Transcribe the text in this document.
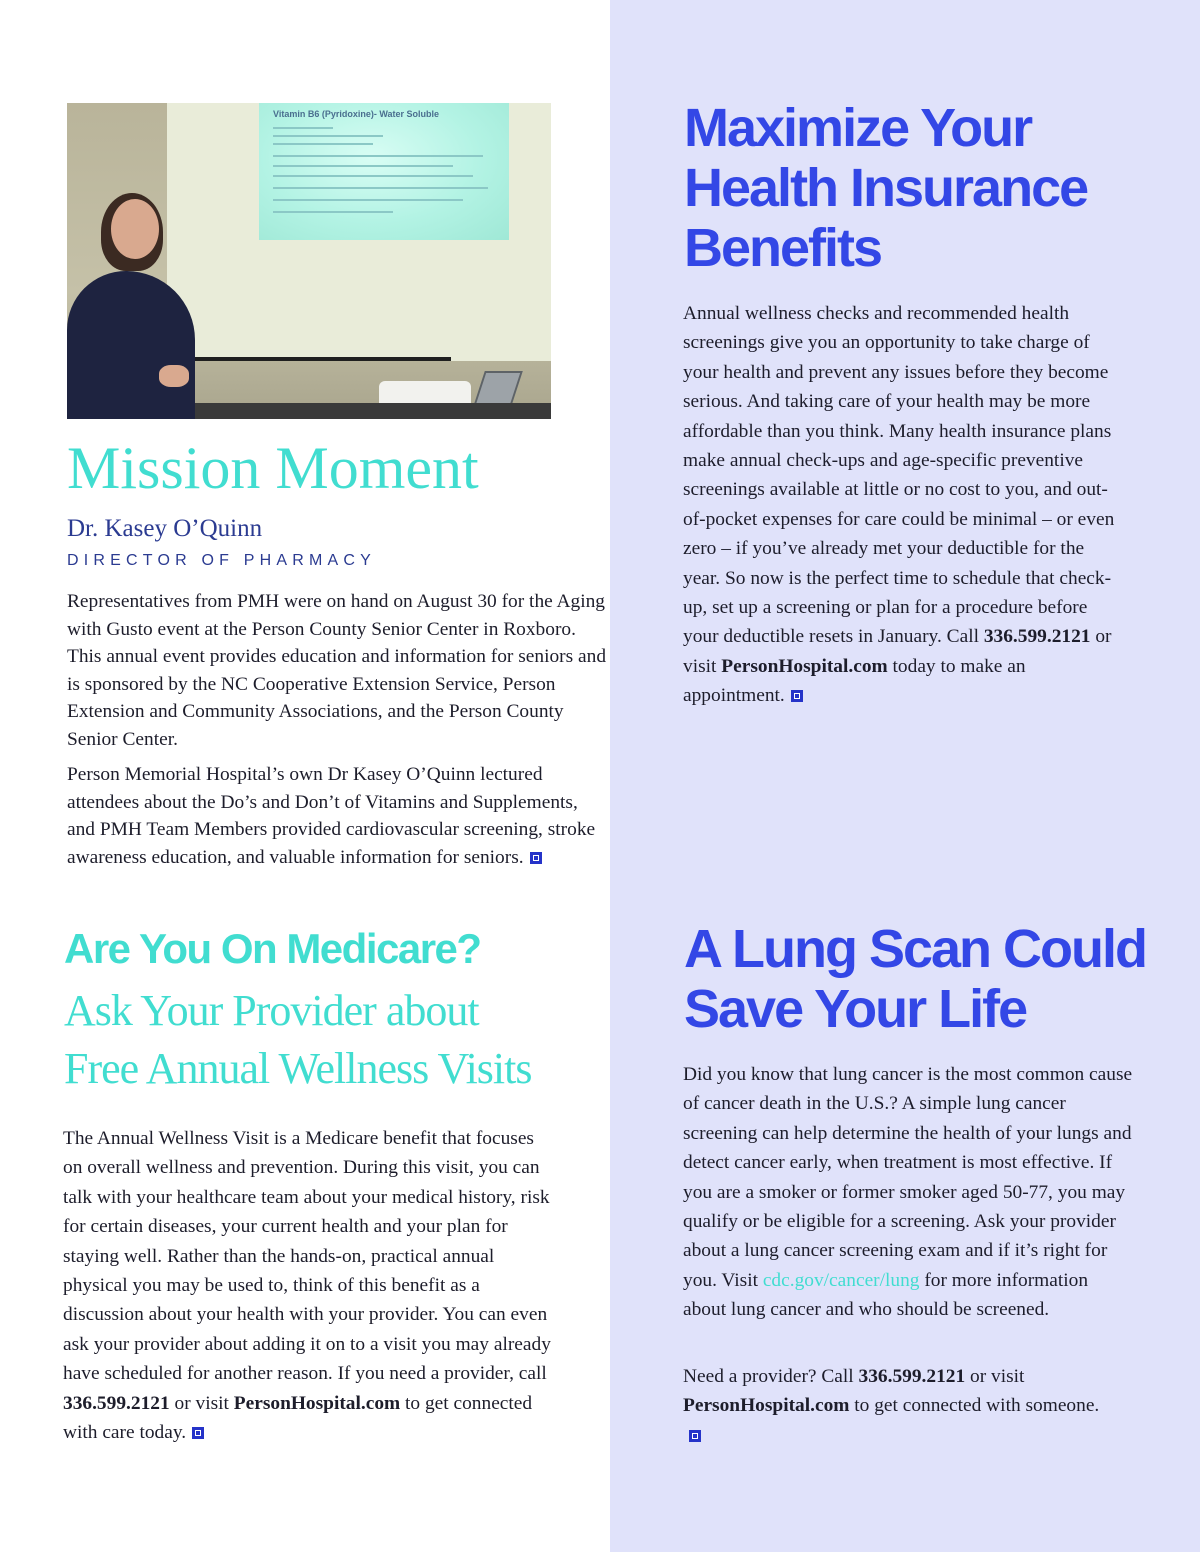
Vitamin B6 (Pyridoxine)- Water Soluble
Mission Moment
Dr. Kasey O’Quinn
DIRECTOR OF PHARMACY

Representatives from PMH were on hand on August 30 for the Aging with Gusto event at the Person County Senior Center in Roxboro. This annual event provides education and information for seniors and is sponsored by the NC Cooperative Extension Service, Person Extension and Community Associations, and the Person County Senior Center.

Person Memorial Hospital’s own Dr Kasey O’Quinn lectured attendees about the Do’s and Don’t of Vitamins and Supplements, and PMH Team Members provided cardiovascular screening, stroke awareness education, and valuable information for seniors.

Are You On Medicare?
Ask Your Provider about
Free Annual Wellness Visits

The Annual Wellness Visit is a Medicare benefit that focuses on overall wellness and prevention. During this visit, you can talk with your healthcare team about your medical history, risk for certain diseases, your current health and your plan for staying well. Rather than the hands-on, practical annual physical you may be used to, think of this benefit as a discussion about your health with your provider. You can even ask your provider about adding it on to a visit you may already have scheduled for another reason. If you need a provider, call 336.599.2121 or visit PersonHospital.com to get connected with care today.

Maximize Your
Health Insurance
Benefits

Annual wellness checks and recommended health screenings give you an opportunity to take charge of your health and prevent any issues before they become serious. And taking care of your health may be more affordable than you think. Many health insurance plans make annual check-ups and age-specific preventive screenings available at little or no cost to you, and out-of-pocket expenses for care could be minimal – or even zero – if you’ve already met your deductible for the year. So now is the perfect time to schedule that check-up, set up a screening or plan for a procedure before your deductible resets in January. Call 336.599.2121 or visit PersonHospital.com today to make an appointment.

A Lung Scan Could
Save Your Life

Did you know that lung cancer is the most common cause of cancer death in the U.S.? A simple lung cancer screening can help determine the health of your lungs and detect cancer early, when treatment is most effective. If you are a smoker or former smoker aged 50-77, you may qualify or be eligible for a screening. Ask your provider about a lung cancer screening exam and if it’s right for you. Visit cdc.gov/cancer/lung for more information about lung cancer and who should be screened.

Need a provider? Call 336.599.2121 or visit PersonHospital.com to get connected with someone.
